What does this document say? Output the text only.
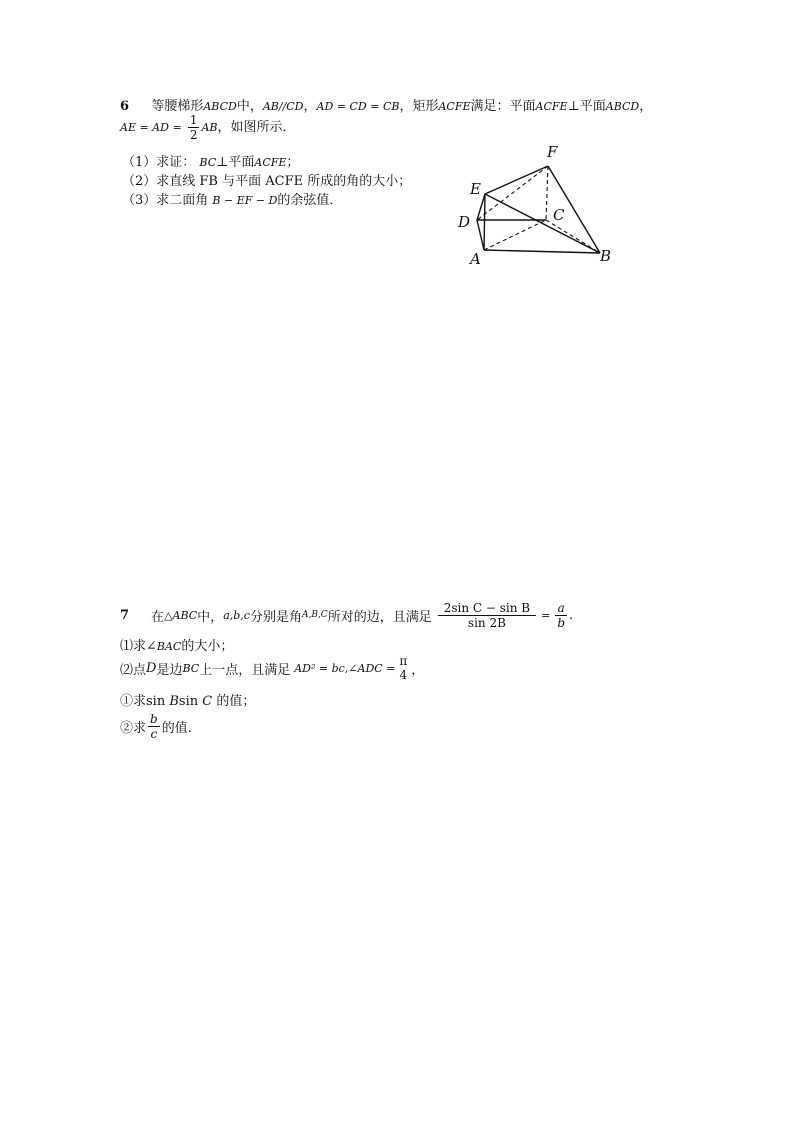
6 等腰梯形ABCD中，AB//CD，AD = CD = CB，矩形ACFE满足：平面ACFE⊥平面ABCD，
AE = AD = $\frac{1}{2}$ AB，如图所示．
（1）求证： BC⊥平面ACFE；
（2）求直线 FB 与平面 ACFE 所成的角的大小；
（3）求二面角 B − EF − D的余弦值．
F
E
D	C
A	B
7 在 △ABC 中， a,b,c 分别是角 A,B,C 所对的边，且满足 $\frac{\text{2sin C − sin B}}{\sin 2B} = \frac{a}{b}$ .
⑴求∠BAC的大小；
⑵点 D 是边 BC 上一点，且满足 AD² = bc,∠ADC = π
4 ，
①求sin Bsin C 的值；
②求 $\frac{b}{c}$ 的值.
